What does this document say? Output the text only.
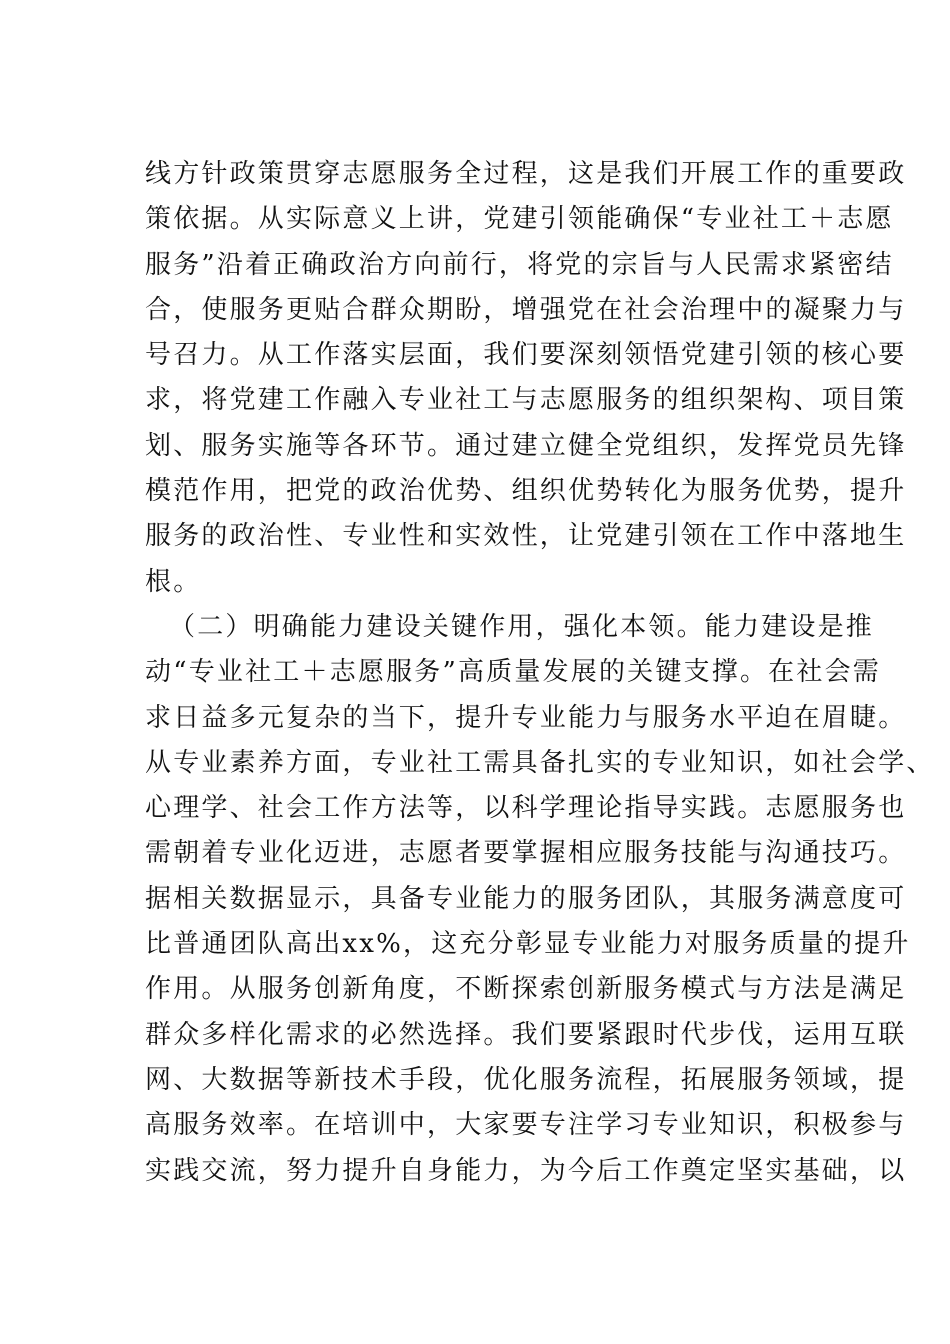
线方针政策贯穿志愿服务全过程，这是我们开展工作的重要政
策依据。从实际意义上讲，党建引领能确保“专业社工＋志愿
服务”沿着正确政治方向前行，将党的宗旨与人民需求紧密结
合，使服务更贴合群众期盼，增强党在社会治理中的凝聚力与
号召力。从工作落实层面，我们要深刻领悟党建引领的核心要
求，将党建工作融入专业社工与志愿服务的组织架构、项目策
划、服务实施等各环节。通过建立健全党组织，发挥党员先锋
模范作用，把党的政治优势、组织优势转化为服务优势，提升
服务的政治性、专业性和实效性，让党建引领在工作中落地生
根。
（二）明确能力建设关键作用，强化本领。能力建设是推
动“专业社工＋志愿服务”高质量发展的关键支撑。在社会需
求日益多元复杂的当下，提升专业能力与服务水平迫在眉睫。
从专业素养方面，专业社工需具备扎实的专业知识，如社会学、
心理学、社会工作方法等，以科学理论指导实践。志愿服务也
需朝着专业化迈进，志愿者要掌握相应服务技能与沟通技巧。
据相关数据显示，具备专业能力的服务团队，其服务满意度可
比普通团队高出xx%，这充分彰显专业能力对服务质量的提升
作用。从服务创新角度，不断探索创新服务模式与方法是满足
群众多样化需求的必然选择。我们要紧跟时代步伐，运用互联
网、大数据等新技术手段，优化服务流程，拓展服务领域，提
高服务效率。在培训中，大家要专注学习专业知识，积极参与
实践交流，努力提升自身能力，为今后工作奠定坚实基础，以
